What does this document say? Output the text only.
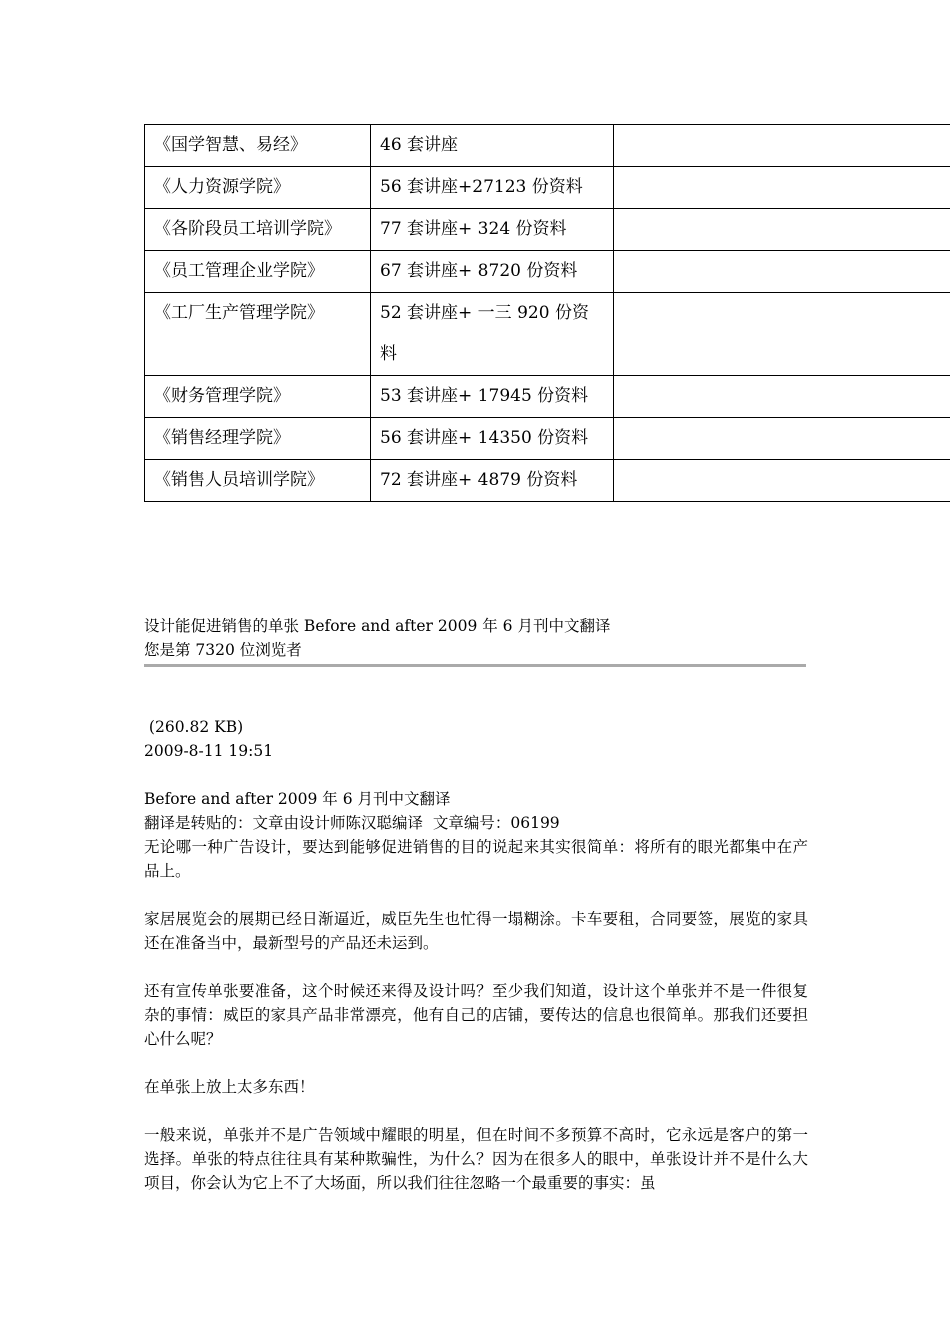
《国学智慧、易经》	46 套讲座	
《人力资源学院》	56 套讲座+27123 份资料	
《各阶段员工培训学院》	77 套讲座+ 324 份资料	
《员工管理企业学院》	67 套讲座+ 8720 份资料	
《工厂生产管理学院》	52 套讲座+ 一三 920 份资料	
《财务管理学院》	53 套讲座+ 17945 份资料	
《销售经理学院》	56 套讲座+ 14350 份资料	
《销售人员培训学院》	72 套讲座+ 4879 份资料	

设计能促进销售的单张 Before and after 2009 年 6 月刊中文翻译

您是第 7320 位浏览者

(260.82 KB)

2009-8-11 19:51

Before and after 2009 年 6 月刊中文翻译

翻译是转贴的：文章由设计师陈汉聪编译  文章编号：06199

无论哪一种广告设计，要达到能够促进销售的目的说起来其实很简单：将所有的眼光都集中在产品上。

家居展览会的展期已经日渐逼近，威臣先生也忙得一塌糊涂。卡车要租，合同要签，展览的家具还在准备当中，最新型号的产品还未运到。

还有宣传单张要准备，这个时候还来得及设计吗？至少我们知道，设计这个单张并不是一件很复杂的事情：威臣的家具产品非常漂亮，他有自己的店铺，要传达的信息也很简单。那我们还要担心什么呢？

在单张上放上太多东西！

一般来说，单张并不是广告领域中耀眼的明星，但在时间不多预算不高时，它永远是客户的第一选择。单张的特点往往具有某种欺骗性，为什么？因为在很多人的眼中，单张设计并不是什么大项目，你会认为它上不了大场面，所以我们往往忽略一个最重要的事实：虽
